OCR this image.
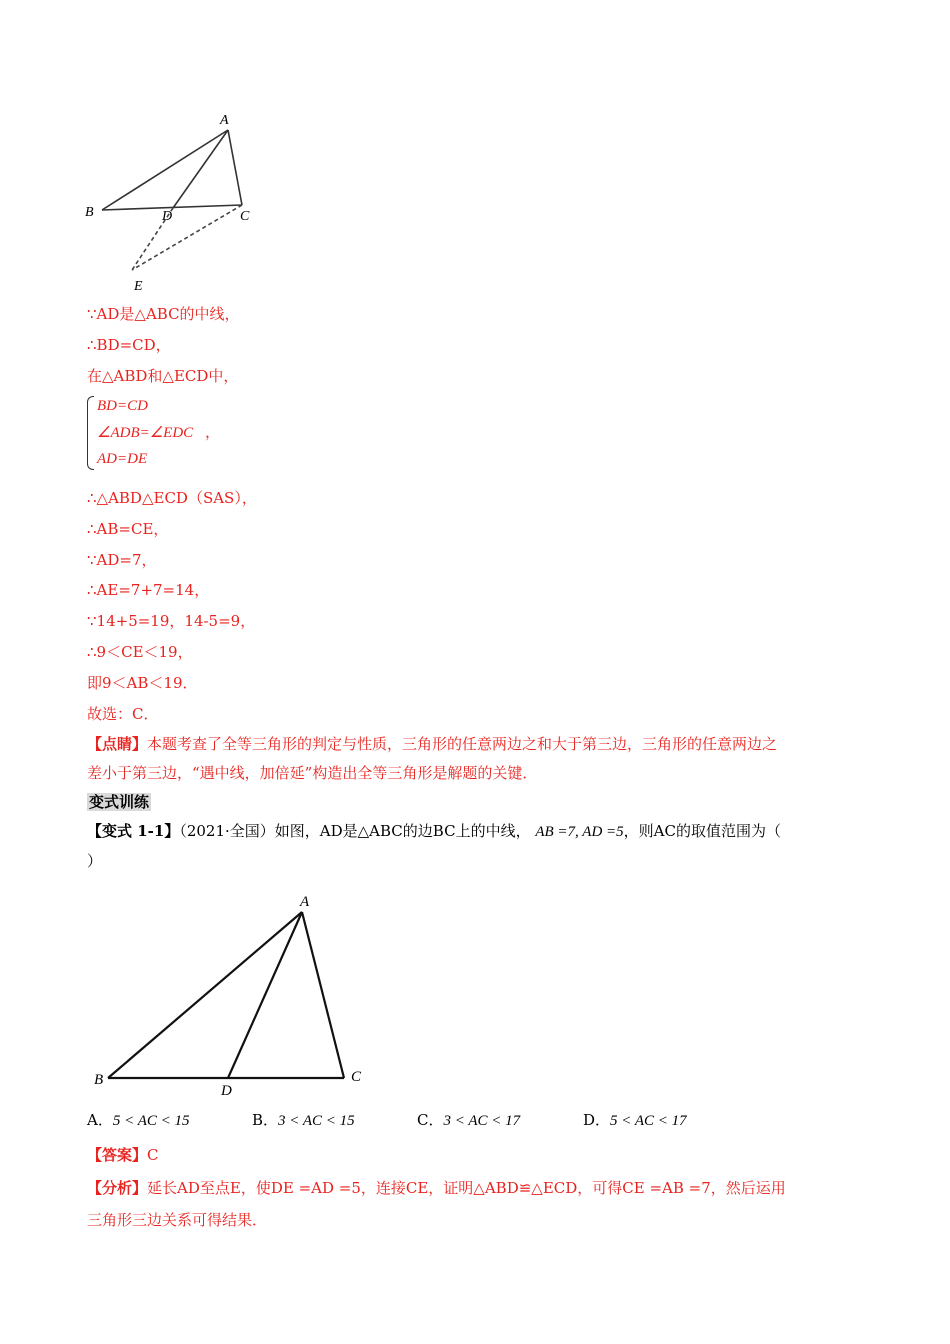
A
B	C
D
E
∵AD是△ABC的中线，
∴BD=CD，
在△ABD和△ECD中，
BD=CD
∠ADB=∠EDC
AD=DE
，
∴△ABD△ECD（SAS），
∴AB=CE，
∵AD=7，
∴AE=7+7=14，
∵14+5=19，14-5=9，
∴9＜CE＜19，
即9＜AB＜19．
故选：C．
【点睛】本题考查了全等三角形的判定与性质，三角形的任意两边之和大于第三边，三角形的任意两边之
差小于第三边，“遇中线，加倍延”构造出全等三角形是解题的关键．
变式训练
【变式 1-1】（2021·全国）如图，AD是△ABC的边BC上的中线， AB =7, AD =5，则AC的取值范围为（
）
A
B	C
D
A．5 < AC < 15	B．3 < AC < 15	C．3 < AC < 17	D．5 < AC < 17
【答案】C
【分析】延长AD至点E，使DE =AD =5，连接CE，证明△ABD≌△ECD，可得CE =AB =7，然后运用
三角形三边关系可得结果．
